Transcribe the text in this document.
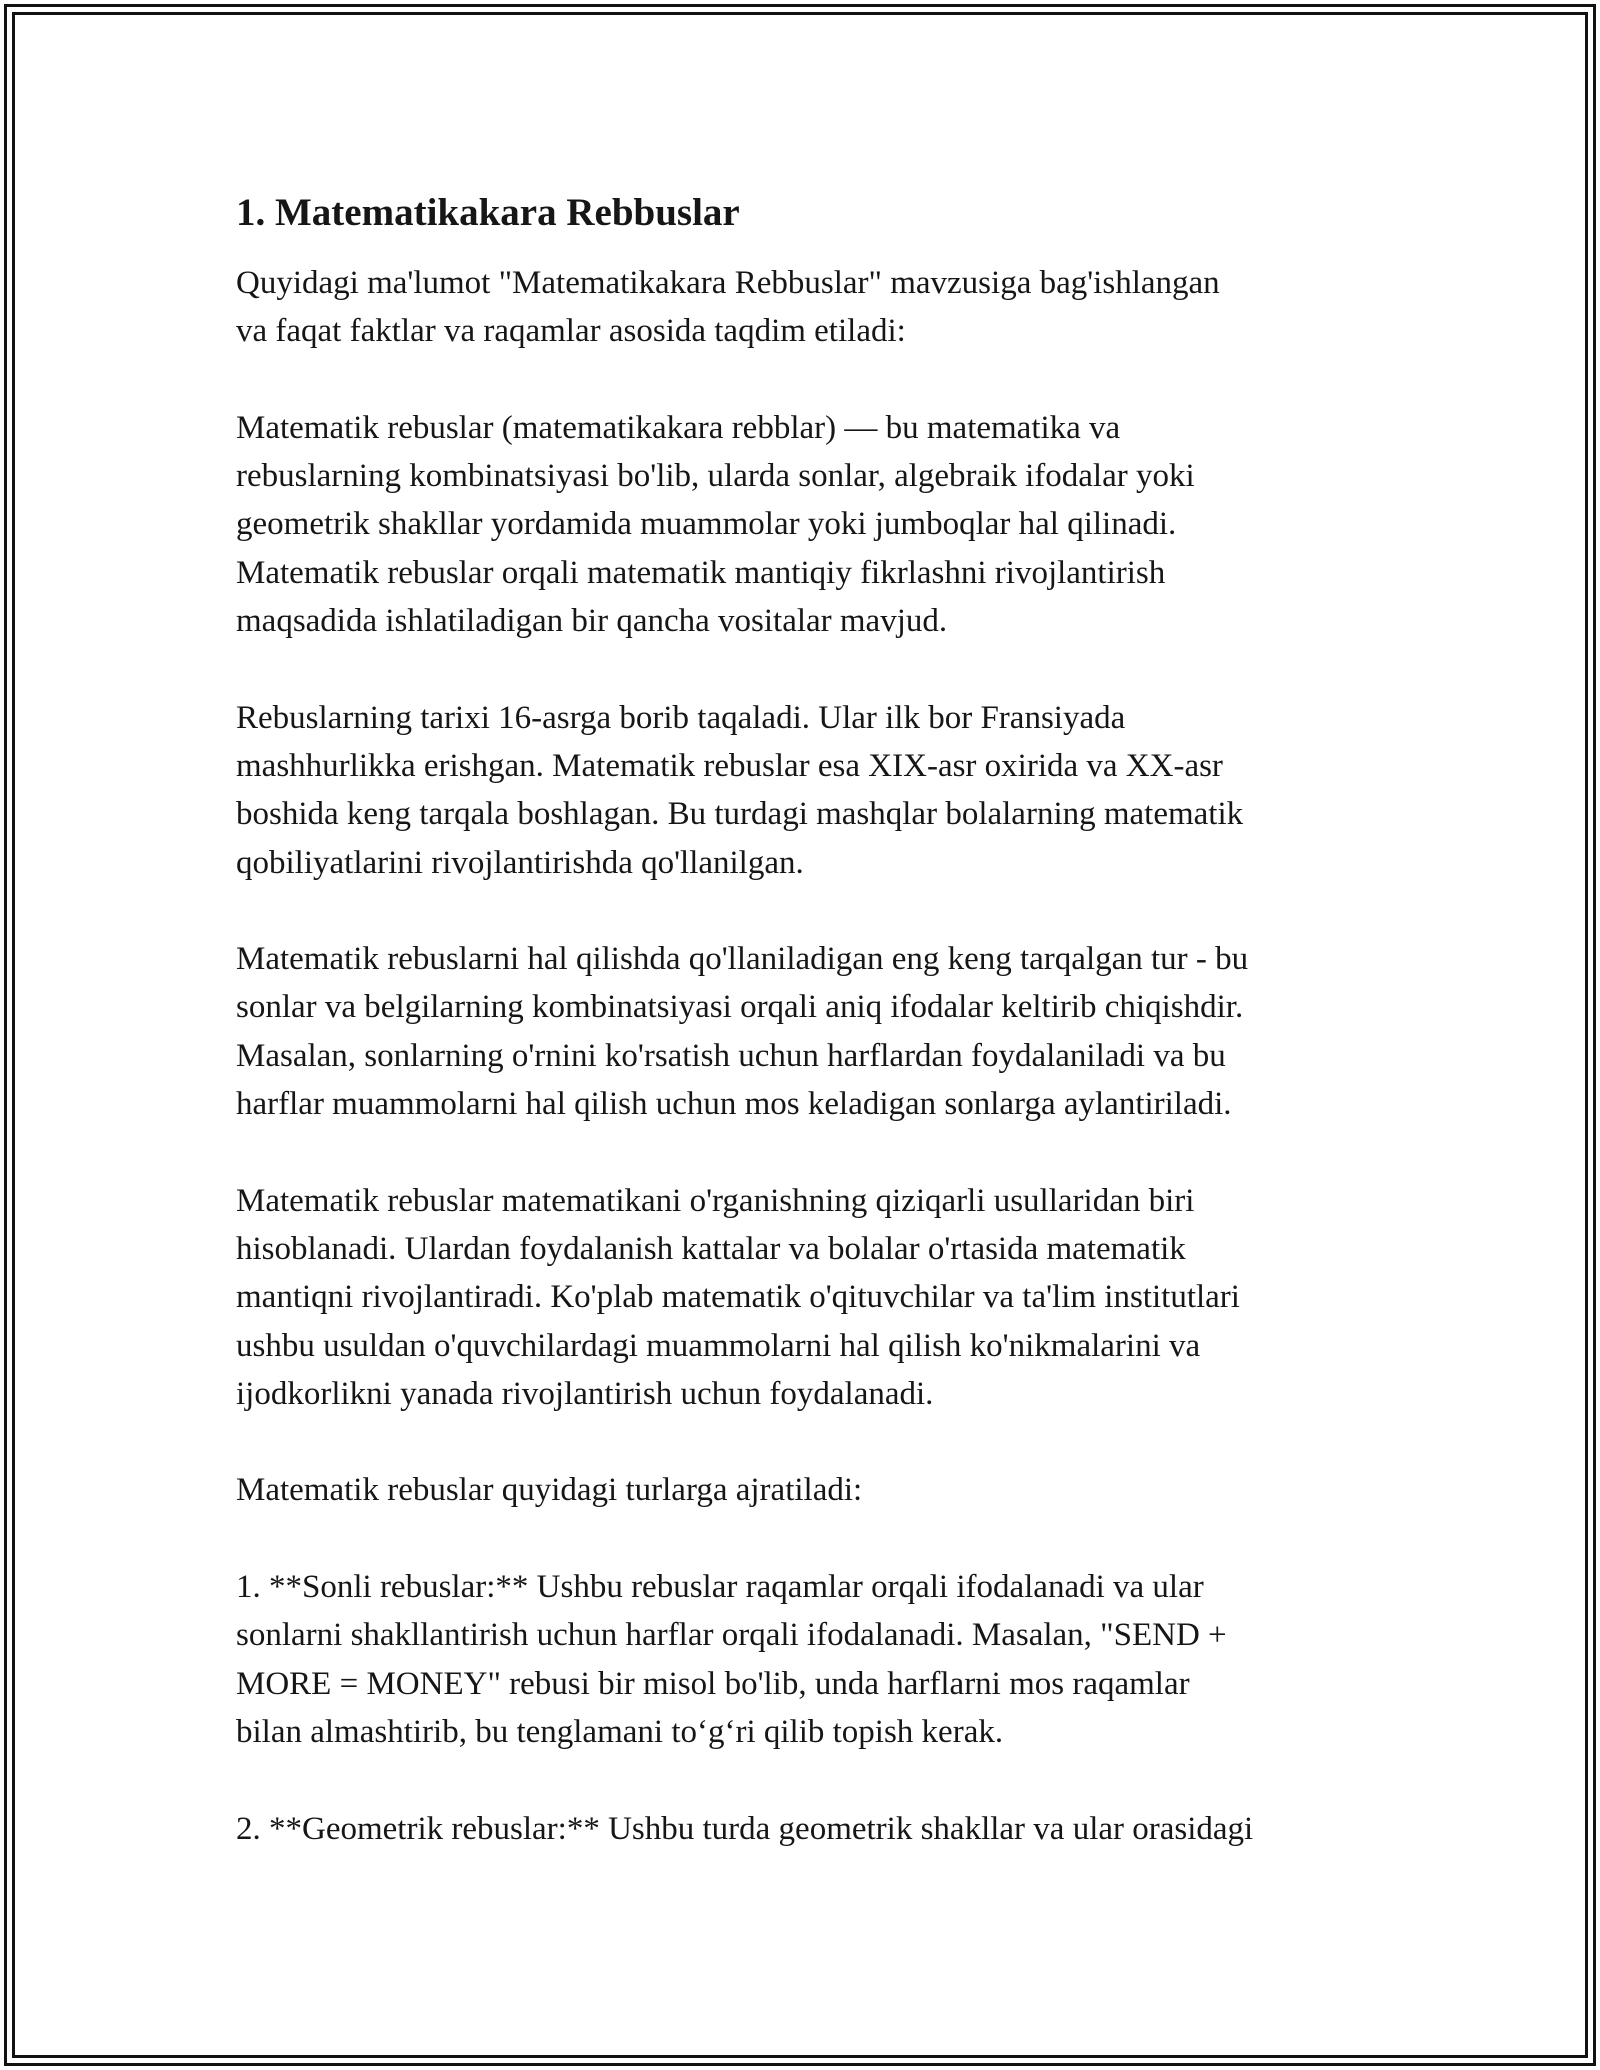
1. Matematikakara Rebbuslar

Quyidagi ma'lumot "Matematikakara Rebbuslar" mavzusiga bag'ishlangan
va faqat faktlar va raqamlar asosida taqdim etiladi:

Matematik rebuslar (matematikakara rebblar) — bu matematika va
rebuslarning kombinatsiyasi bo'lib, ularda sonlar, algebraik ifodalar yoki
geometrik shakllar yordamida muammolar yoki jumboqlar hal qilinadi.
Matematik rebuslar orqali matematik mantiqiy fikrlashni rivojlantirish
maqsadida ishlatiladigan bir qancha vositalar mavjud.

Rebuslarning tarixi 16-asrga borib taqaladi. Ular ilk bor Fransiyada
mashhurlikka erishgan. Matematik rebuslar esa XIX-asr oxirida va XX-asr
boshida keng tarqala boshlagan. Bu turdagi mashqlar bolalarning matematik
qobiliyatlarini rivojlantirishda qo'llanilgan.

Matematik rebuslarni hal qilishda qo'llaniladigan eng keng tarqalgan tur - bu
sonlar va belgilarning kombinatsiyasi orqali aniq ifodalar keltirib chiqishdir.
Masalan, sonlarning o'rnini ko'rsatish uchun harflardan foydalaniladi va bu
harflar muammolarni hal qilish uchun mos keladigan sonlarga aylantiriladi.

Matematik rebuslar matematikani o'rganishning qiziqarli usullaridan biri
hisoblanadi. Ulardan foydalanish kattalar va bolalar o'rtasida matematik
mantiqni rivojlantiradi. Ko'plab matematik o'qituvchilar va ta'lim institutlari
ushbu usuldan o'quvchilardagi muammolarni hal qilish ko'nikmalarini va
ijodkorlikni yanada rivojlantirish uchun foydalanadi.

Matematik rebuslar quyidagi turlarga ajratiladi:

1. **Sonli rebuslar:** Ushbu rebuslar raqamlar orqali ifodalanadi va ular
sonlarni shakllantirish uchun harflar orqali ifodalanadi. Masalan, "SEND +
MORE = MONEY" rebusi bir misol bo'lib, unda harflarni mos raqamlar
bilan almashtirib, bu tenglamani to‘g‘ri qilib topish kerak.

2. **Geometrik rebuslar:** Ushbu turda geometrik shakllar va ular orasidagi
